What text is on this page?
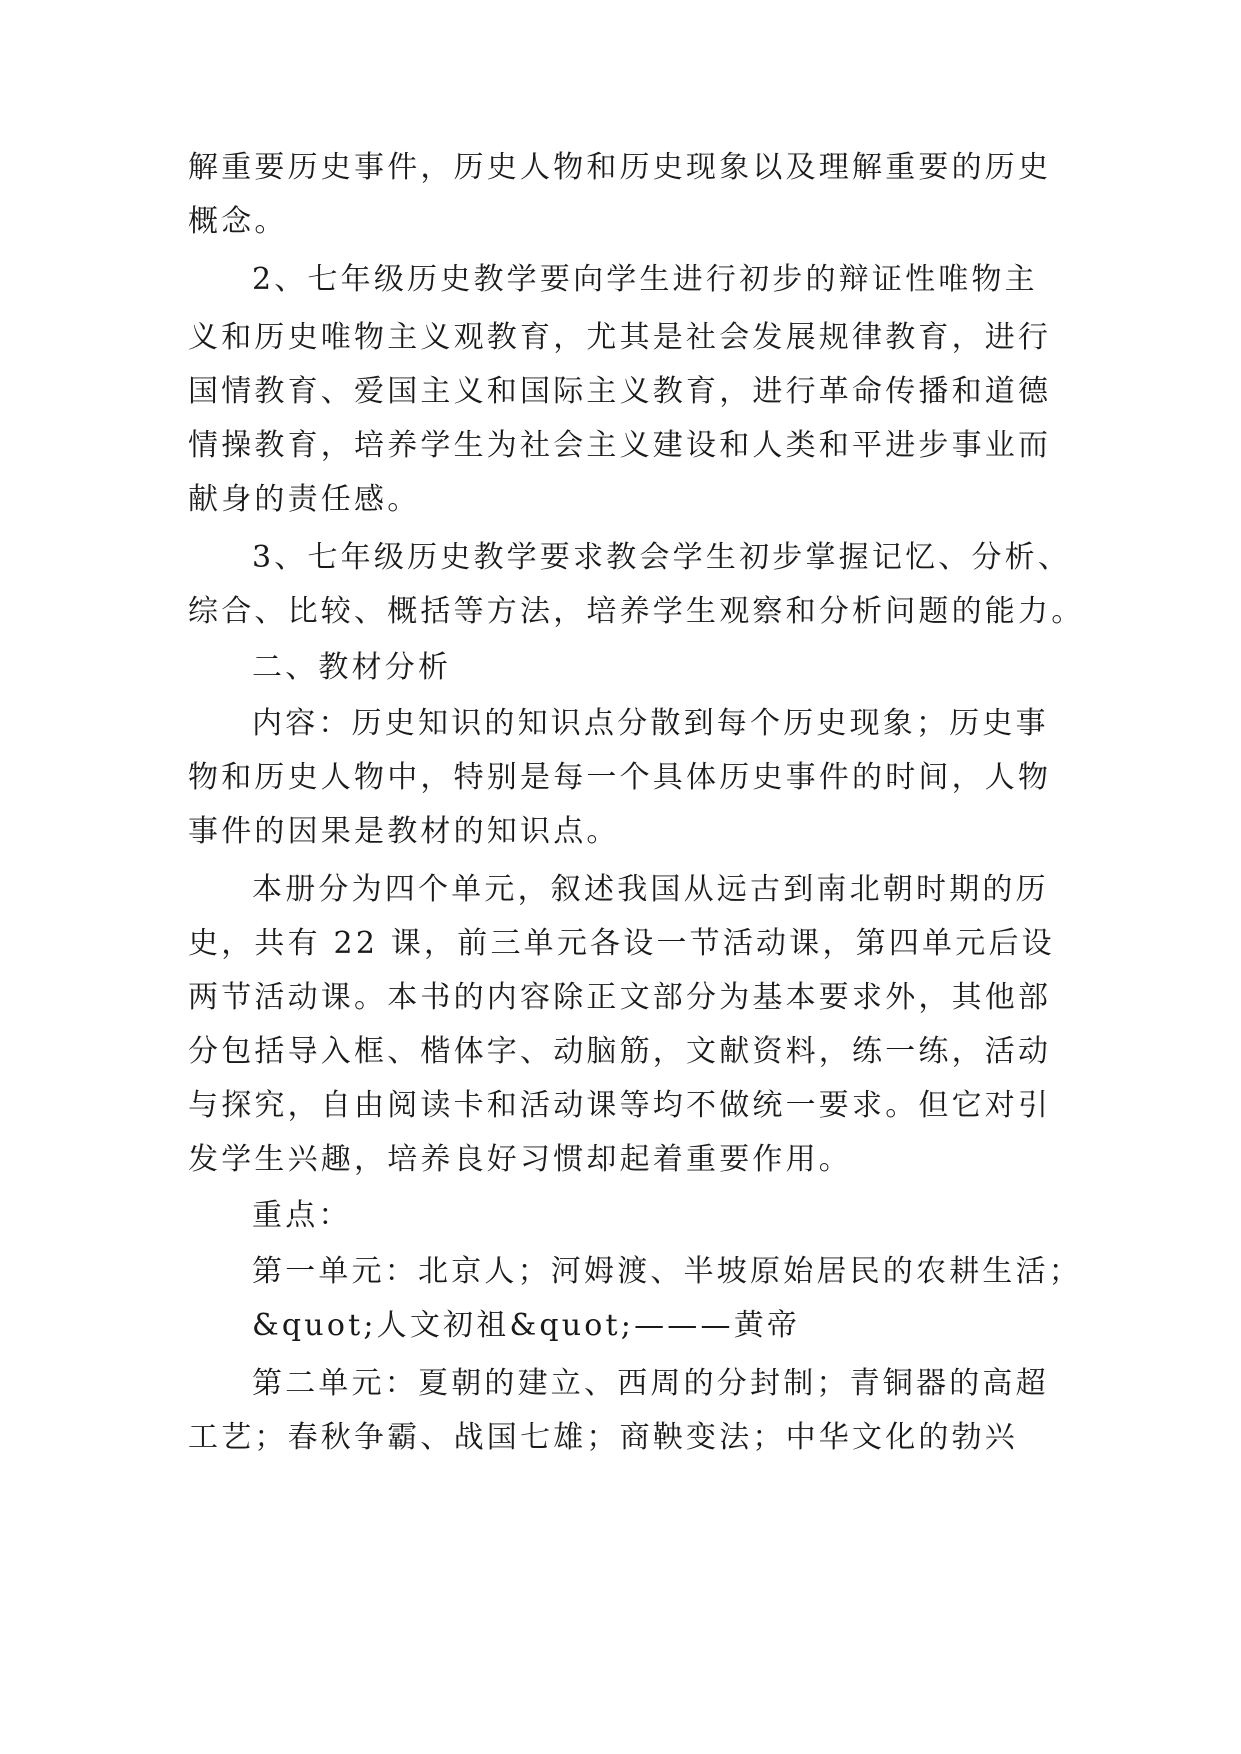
解重要历史事件，历史人物和历史现象以及理解重要的历史
概念。
2、七年级历史教学要向学生进行初步的辩证性唯物主
义和历史唯物主义观教育，尤其是社会发展规律教育，进行
国情教育、爱国主义和国际主义教育，进行革命传播和道德
情操教育，培养学生为社会主义建设和人类和平进步事业而
献身的责任感。
3、七年级历史教学要求教会学生初步掌握记忆、分析、
综合、比较、概括等方法，培养学生观察和分析问题的能力。
二、教材分析
内容：历史知识的知识点分散到每个历史现象；历史事
物和历史人物中，特别是每一个具体历史事件的时间，人物
事件的因果是教材的知识点。
本册分为四个单元，叙述我国从远古到南北朝时期的历
史，共有 22 课，前三单元各设一节活动课，第四单元后设
两节活动课。本书的内容除正文部分为基本要求外，其他部
分包括导入框、楷体字、动脑筋，文献资料，练一练，活动
与探究，自由阅读卡和活动课等均不做统一要求。但它对引
发学生兴趣，培养良好习惯却起着重要作用。
重点：
第一单元：北京人；河姆渡、半坡原始居民的农耕生活；
&quot;人文初祖&quot;———黄帝
第二单元：夏朝的建立、西周的分封制；青铜器的高超
工艺；春秋争霸、战国七雄；商鞅变法；中华文化的勃兴
